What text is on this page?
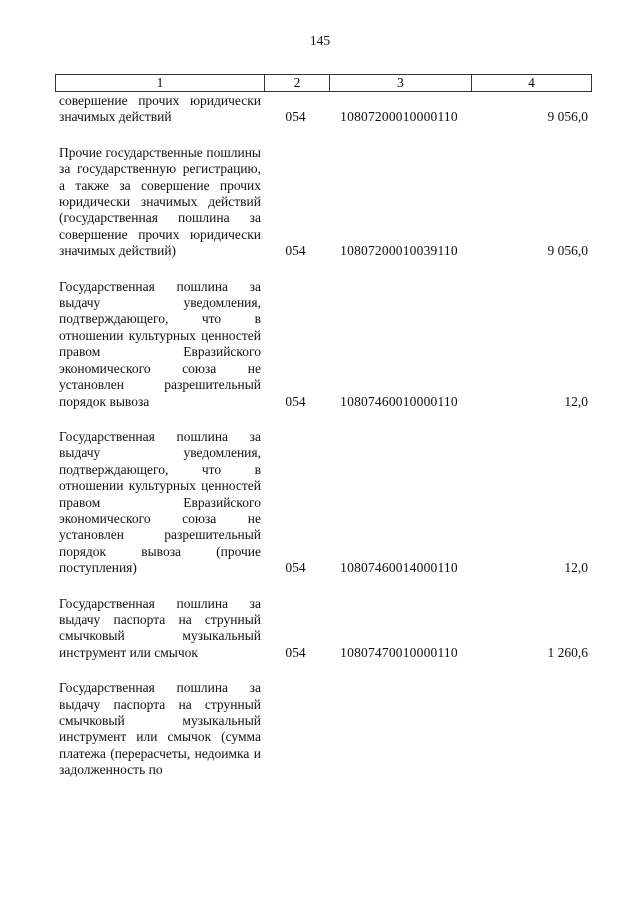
145
1	2	3	4
совершение прочих юридически значимых действий	054	10807200010000110	9 056,0
Прочие государственные пошлины за государственную регистрацию, а также за совершение прочих юридически значимых действий (государственная пошлина за совершение прочих юридически значимых действий)	054	10807200010039110	9 056,0
Государственная пошлина за выдачу уведомления, подтверждающего, что в отношении культурных ценностей правом Евразийского экономического союза не установлен разрешительный порядок вывоза	054	10807460010000110	12,0
Государственная пошлина за выдачу уведомления, подтверждающего, что в отношении культурных ценностей правом Евразийского экономического союза не установлен разрешительный порядок вывоза (прочие поступления)	054	10807460014000110	12,0
Государственная пошлина за выдачу паспорта на струнный смычковый музыкальный инструмент или смычок	054	10807470010000110	1 260,6
Государственная пошлина за выдачу паспорта на струнный смычковый музыкальный инструмент или смычок (сумма платежа (перерасчеты, недоимка и задолженность по
